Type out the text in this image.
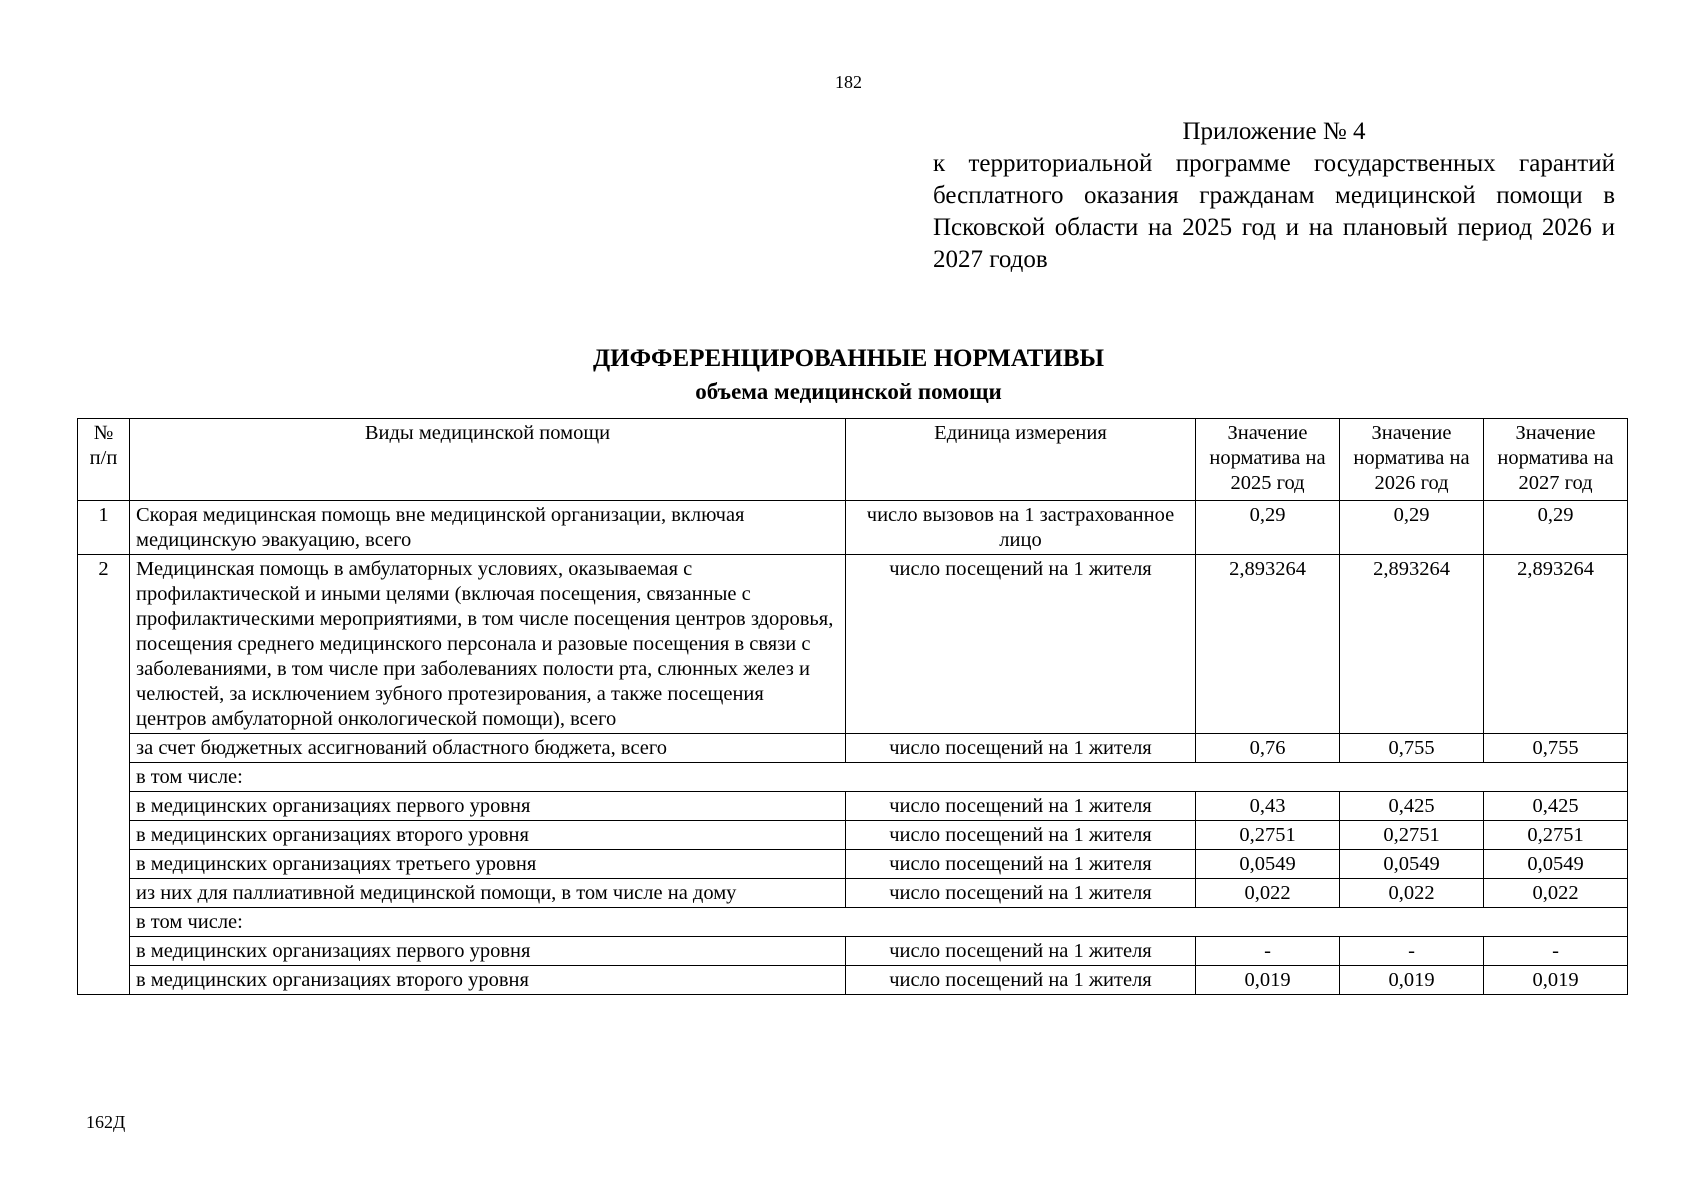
182
Приложение № 4
к территориальной программе государственных гарантий бесплатного оказания гражданам медицинской помощи в Псковской области на 2025 год и на плановый период 2026 и 2027 годов
ДИФФЕРЕНЦИРОВАННЫЕ НОРМАТИВЫ
объема медицинской помощи
№ п/п	Виды медицинской помощи	Единица измерения	Значение норматива на 2025 год	Значение норматива на 2026 год	Значение норматива на 2027 год
1	Скорая медицинская помощь вне медицинской организации, включая медицинскую эвакуацию, всего	число вызовов на 1 застрахованное лицо	0,29	0,29	0,29
2	Медицинская помощь в амбулаторных условиях, оказываемая с профилактической и иными целями (включая посещения, связанные с профилактическими мероприятиями, в том числе посещения центров здоровья, посещения среднего медицинского персонала и разовые посещения в связи с заболеваниями, в том числе при заболеваниях полости рта, слюнных желез и челюстей, за исключением зубного протезирования, а также посещения центров амбулаторной онкологической помощи), всего	число посещений на 1 жителя	2,893264	2,893264	2,893264
	за счет бюджетных ассигнований областного бюджета, всего	число посещений на 1 жителя	0,76	0,755	0,755
	в том числе:				
	в медицинских организациях первого уровня	число посещений на 1 жителя	0,43	0,425	0,425
	в медицинских организациях второго уровня	число посещений на 1 жителя	0,2751	0,2751	0,2751
	в медицинских организациях третьего уровня	число посещений на 1 жителя	0,0549	0,0549	0,0549
	из них для паллиативной медицинской помощи, в том числе на дому	число посещений на 1 жителя	0,022	0,022	0,022
	в том числе:				
	в медицинских организациях первого уровня	число посещений на 1 жителя	-	-	-
	в медицинских организациях второго уровня	число посещений на 1 жителя	0,019	0,019	0,019
162Д
